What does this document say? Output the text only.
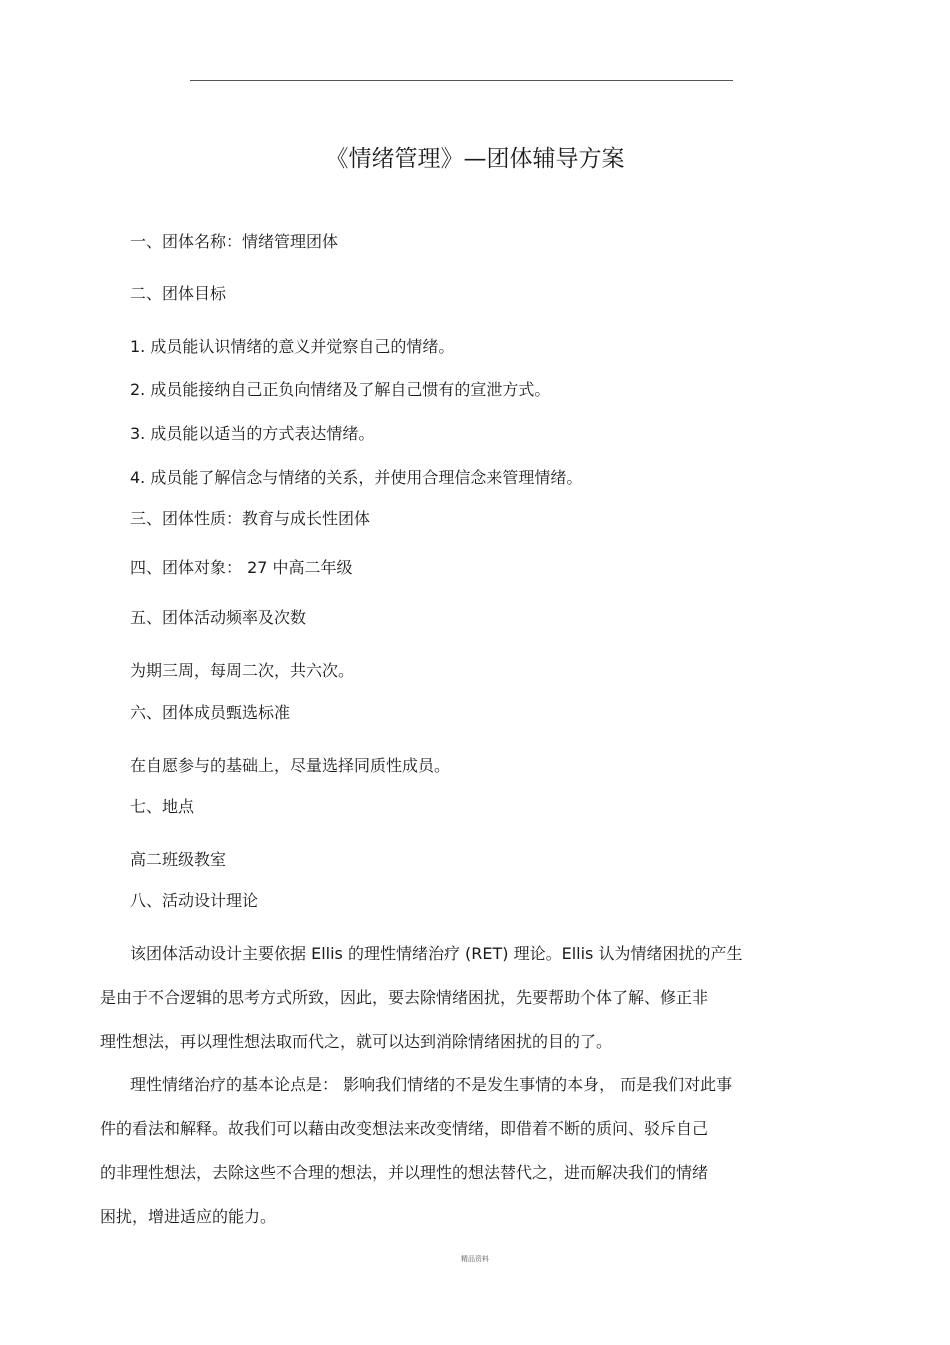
《情绪管理》—团体辅导方案
一、团体名称：情绪管理团体
二、团体目标
1. 成员能认识情绪的意义并觉察自己的情绪。
2. 成员能接纳自己正负向情绪及了解自己惯有的宣泄方式。
3. 成员能以适当的方式表达情绪。
4. 成员能了解信念与情绪的关系，并使用合理信念来管理情绪。
三、团体性质：教育与成长性团体
四、团体对象： 27 中高二年级
五、团体活动频率及次数
为期三周，每周二次，共六次。
六、团体成员甄选标准
在自愿参与的基础上，尽量选择同质性成员。
七、地点
高二班级教室
八、活动设计理论
该团体活动设计主要依据 Ellis 的理性情绪治疗 (RET) 理论。Ellis 认为情绪困扰的产生
是由于不合逻辑的思考方式所致，因此，要去除情绪困扰，先要帮助个体了解、修正非
理性想法，再以理性想法取而代之，就可以达到消除情绪困扰的目的了。
理性情绪治疗的基本论点是： 影响我们情绪的不是发生事情的本身， 而是我们对此事
件的看法和解释。故我们可以藉由改变想法来改变情绪，即借着不断的质问、驳斥自己
的非理性想法，去除这些不合理的想法，并以理性的想法替代之，进而解决我们的情绪
困扰，增进适应的能力。
精品资料
